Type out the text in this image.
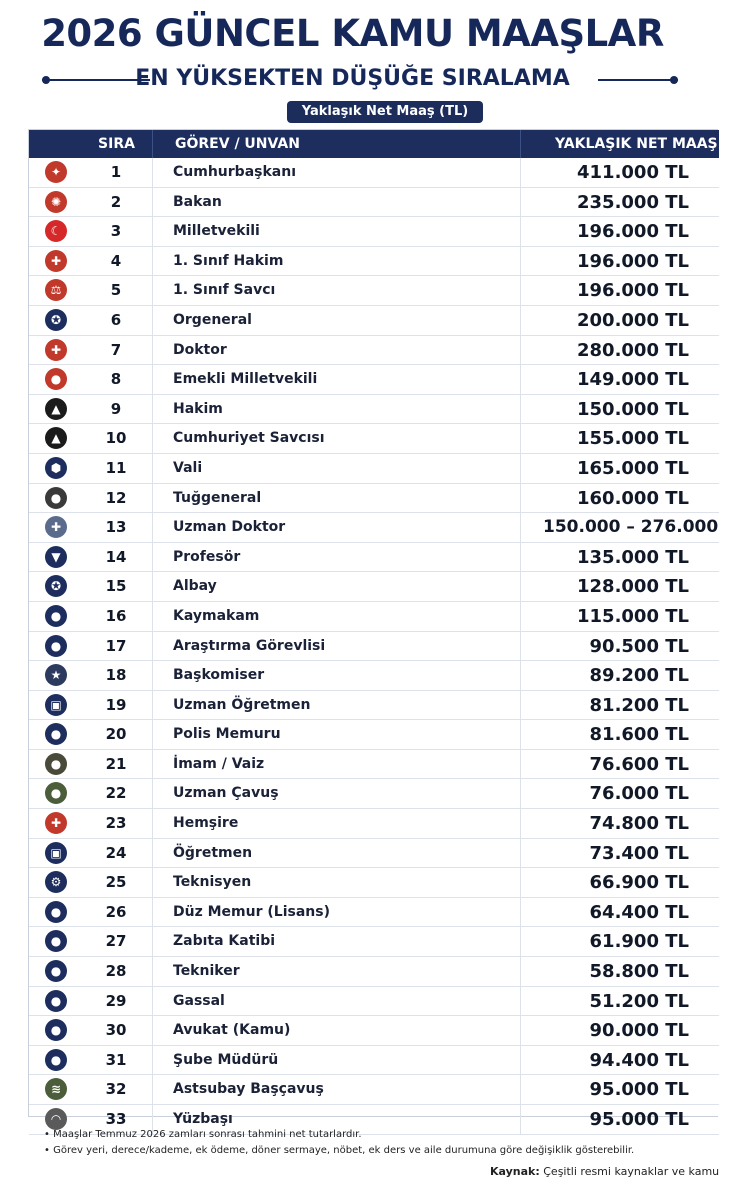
2026 GÜNCEL KAMU MAAŞLAR
EN YÜKSEKTEN DÜŞÜĞE SIRALAMA
Yaklaşık Net Maaş (TL)
SIRA	GÖREV / UNVAN	YAKLAŞIK NET MAAŞ
✦	1	Cumhurbaşkanı	411.000 TL
✺	2	Bakan	235.000 TL
☾	3	Milletvekili	196.000 TL
✚	4	1. Sınıf Hakim	196.000 TL
⚖	5	1. Sınıf Savcı	196.000 TL
✪	6	Orgeneral	200.000 TL
✚	7	Doktor	280.000 TL
●	8	Emekli Milletvekili	149.000 TL
▲	9	Hakim	150.000 TL
▲	10	Cumhuriyet Savcısı	155.000 TL
⬢	11	Vali	165.000 TL
●	12	Tuğgeneral	160.000 TL
✚	13	Uzman Doktor	150.000 – 276.000
▼	14	Profesör	135.000 TL
✪	15	Albay	128.000 TL
●	16	Kaymakam	115.000 TL
●	17	Araştırma Görevlisi	90.500 TL
★	18	Başkomiser	89.200 TL
▣	19	Uzman Öğretmen	81.200 TL
●	20	Polis Memuru	81.600 TL
●	21	İmam / Vaiz	76.600 TL
●	22	Uzman Çavuş	76.000 TL
✚	23	Hemşire	74.800 TL
▣	24	Öğretmen	73.400 TL
⚙	25	Teknisyen	66.900 TL
●	26	Düz Memur (Lisans)	64.400 TL
●	27	Zabıta Katibi	61.900 TL
●	28	Tekniker	58.800 TL
●	29	Gassal	51.200 TL
●	30	Avukat (Kamu)	90.000 TL
●	31	Şube Müdürü	94.400 TL
≋	32	Astsubay Başçavuş	95.000 TL
◠	33	Yüzbaşı	95.000 TL
• Maaşlar Temmuz 2026 zamları sonrası tahmini net tutarlardır.
• Görev yeri, derece/kademe, ek ödeme, döner sermaye, nöbet, ek ders ve aile durumuna göre değişiklik gösterebilir.
Kaynak: Çeşitli resmi kaynaklar ve kamu
